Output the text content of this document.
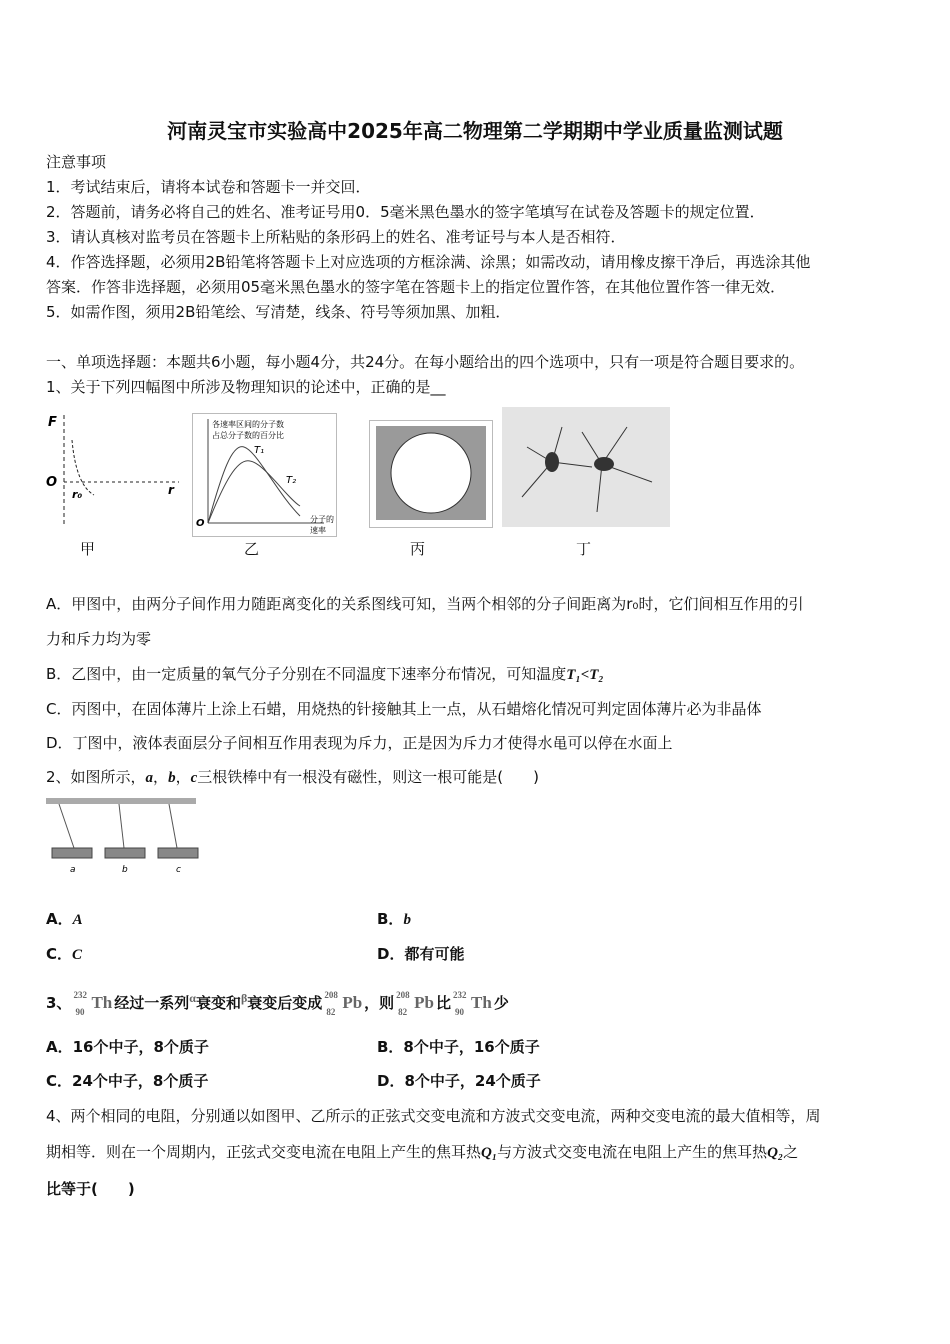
河南灵宝市实验高中2025年高二物理第二学期期中学业质量监测试题
注意事项
1．考试结束后，请将本试卷和答题卡一并交回．
2．答题前，请务必将自己的姓名、准考证号用0．5毫米黑色墨水的签字笔填写在试卷及答题卡的规定位置．
3．请认真核对监考员在答题卡上所粘贴的条形码上的姓名、准考证号与本人是否相符．
4．作答选择题，必须用2B铅笔将答题卡上对应选项的方框涂满、涂黑；如需改动，请用橡皮擦干净后，再选涂其他
答案．作答非选择题，必须用05毫米黑色墨水的签字笔在答题卡上的指定位置作答，在其他位置作答一律无效．
5．如需作图，须用2B铅笔绘、写清楚，线条、符号等须加黑、加粗．
一、单项选择题：本题共6小题，每小题4分，共24分。在每小题给出的四个选项中，只有一项是符合题目要求的。
1、关于下列四幅图中所涉及物理知识的论述中，正确的是__
F
O
r₀	r
各速率区间的分子数
占总分子数的百分比
T₁
T₂
O	分子的
速率
甲	乙	丙	丁
A．甲图中，由两分子间作用力随距离变化的关系图线可知，当两个相邻的分子间距离为r₀时，它们间相互作用的引
力和斥力均为零
B．乙图中，由一定质量的氧气分子分别在不同温度下速率分布情况，可知温度T₁<T₂
C．丙图中，在固体薄片上涂上石蜡，用烧热的针接触其上一点，从石蜡熔化情况可判定固体薄片必为非晶体
D．丁图中，液体表面层分子间相互作用表现为斥力，正是因为斥力才使得水黾可以停在水面上
2、如图所示，a，b，c三根铁棒中有一根没有磁性，则这一根可能是(　　)
a	b	c
A．A	B．b
C．C	D．都有可能
3、 232
90 Th 经过一系列$^\alpha$衰变和$^\beta$衰变后变成 208
82 Pb ，则 208
82 Pb 比 232
90 Th 少
A．16个中子，8个质子	B．8个中子，16个质子
C．24个中子，8个质子	D．8个中子，24个质子
4、两个相同的电阻，分别通以如图甲、乙所示的正弦式交变电流和方波式交变电流，两种交变电流的最大值相等，周
期相等．则在一个周期内，正弦式交变电流在电阻上产生的焦耳热Q₁与方波式交变电流在电阻上产生的焦耳热Q₂之
比等于(　　)
